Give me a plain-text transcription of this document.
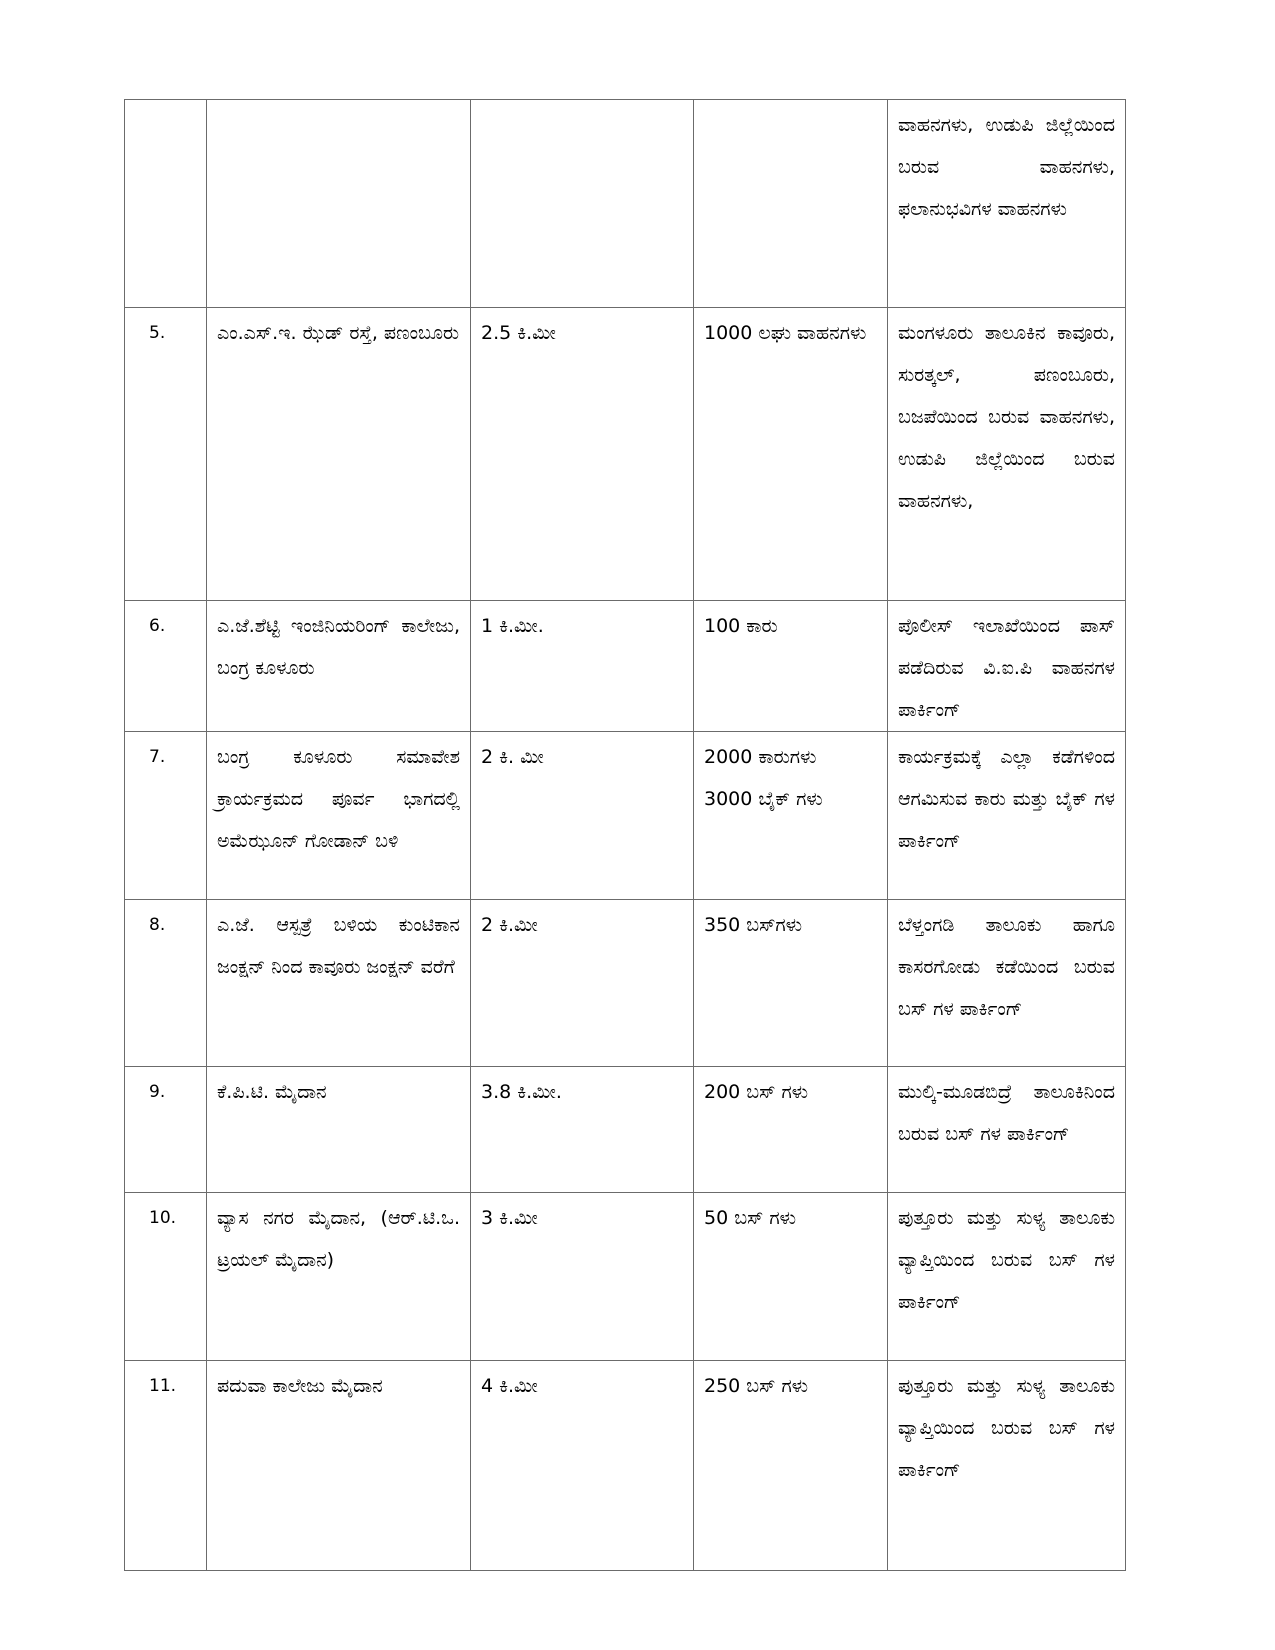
				ವಾಹನಗಳು, ಉಡುಪಿ ಜಿಲ್ಲೆಯಿಂದ ಬರುವ ವಾಹನಗಳು, ಫಲಾನುಭವಿಗಳ ವಾಹನಗಳು
5.	ಎಂ.ಎಸ್.ಇ. ಝೆಡ್ ರಸ್ತೆ, ಪಣಂಬೂರು	2.5 ಕಿ.ಮೀ	1000 ಲಘು ವಾಹನಗಳು	ಮಂಗಳೂರು ತಾಲೂಕಿನ ಕಾವೂರು, ಸುರತ್ಕಲ್, ಪಣಂಬೂರು, ಬಜಪೆಯಿಂದ ಬರುವ ವಾಹನಗಳು, ಉಡುಪಿ ಜಿಲ್ಲೆಯಿಂದ ಬರುವ ವಾಹನಗಳು,
6.	ಎ.ಜೆ.ಶೆಟ್ಟಿ ಇಂಜಿನಿಯರಿಂಗ್ ಕಾಲೇಜು, ಬಂಗ್ರ ಕೂಳೂರು	1 ಕಿ.ಮೀ.	100 ಕಾರು	ಪೊಲೀಸ್ ಇಲಾಖೆಯಿಂದ ಪಾಸ್ ಪಡೆದಿರುವ ವಿ.ಐ.ಪಿ ವಾಹನಗಳ ಪಾರ್ಕಿಂಗ್
7.	ಬಂಗ್ರ ಕೂಳೂರು ಸಮಾವೇಶ ಕ್ರಾರ್ಯಕ್ರಮದ ಪೂರ್ವ ಭಾಗದಲ್ಲಿ ಅಮೆಝೂನ್ ಗೋಡಾನ್ ಬಳಿ	2 ಕಿ. ಮೀ	2000 ಕಾರುಗಳು
3000 ಬೈಕ್ ಗಳು	ಕಾರ್ಯಕ್ರಮಕ್ಕೆ ಎಲ್ಲಾ ಕಡೆಗಳಿಂದ ಆಗಮಿಸುವ ಕಾರು ಮತ್ತು ಬೈಕ್ ಗಳ ಪಾರ್ಕಿಂಗ್
8.	ಎ.ಜೆ. ಆಸ್ಪತ್ರೆ ಬಳಿಯ ಕುಂಟಿಕಾನ ಜಂಕ್ಷನ್ ನಿಂದ ಕಾವೂರು ಜಂಕ್ಷನ್ ವರೆಗೆ	2 ಕಿ.ಮೀ	350 ಬಸ್‌ಗಳು	ಬೆಳ್ತಂಗಡಿ ತಾಲೂಕು ಹಾಗೂ ಕಾಸರಗೋಡು ಕಡೆಯಿಂದ ಬರುವ ಬಸ್ ಗಳ ಪಾರ್ಕಿಂಗ್
9.	ಕೆ.ಪಿ.ಟಿ. ಮೈದಾನ	3.8 ಕಿ.ಮೀ.	200 ಬಸ್ ಗಳು	ಮುಲ್ಕಿ-ಮೂಡಬಿದ್ರೆ ತಾಲೂಕಿನಿಂದ ಬರುವ ಬಸ್ ಗಳ ಪಾರ್ಕಿಂಗ್
10.	ವ್ಯಾಸ ನಗರ ಮೈದಾನ, (ಆರ್.ಟಿ.ಒ. ಟ್ರಯಲ್ ಮೈದಾನ)	3 ಕಿ.ಮೀ	50 ಬಸ್ ಗಳು	ಪುತ್ತೂರು ಮತ್ತು ಸುಳ್ಯ ತಾಲೂಕು ವ್ಯಾಪ್ತಿಯಿಂದ ಬರುವ ಬಸ್ ಗಳ ಪಾರ್ಕಿಂಗ್
11.	ಪದುವಾ ಕಾಲೇಜು ಮೈದಾನ	4 ಕಿ.ಮೀ	250 ಬಸ್ ಗಳು	ಪುತ್ತೂರು ಮತ್ತು ಸುಳ್ಯ ತಾಲೂಕು ವ್ಯಾಪ್ತಿಯಿಂದ ಬರುವ ಬಸ್ ಗಳ ಪಾರ್ಕಿಂಗ್
